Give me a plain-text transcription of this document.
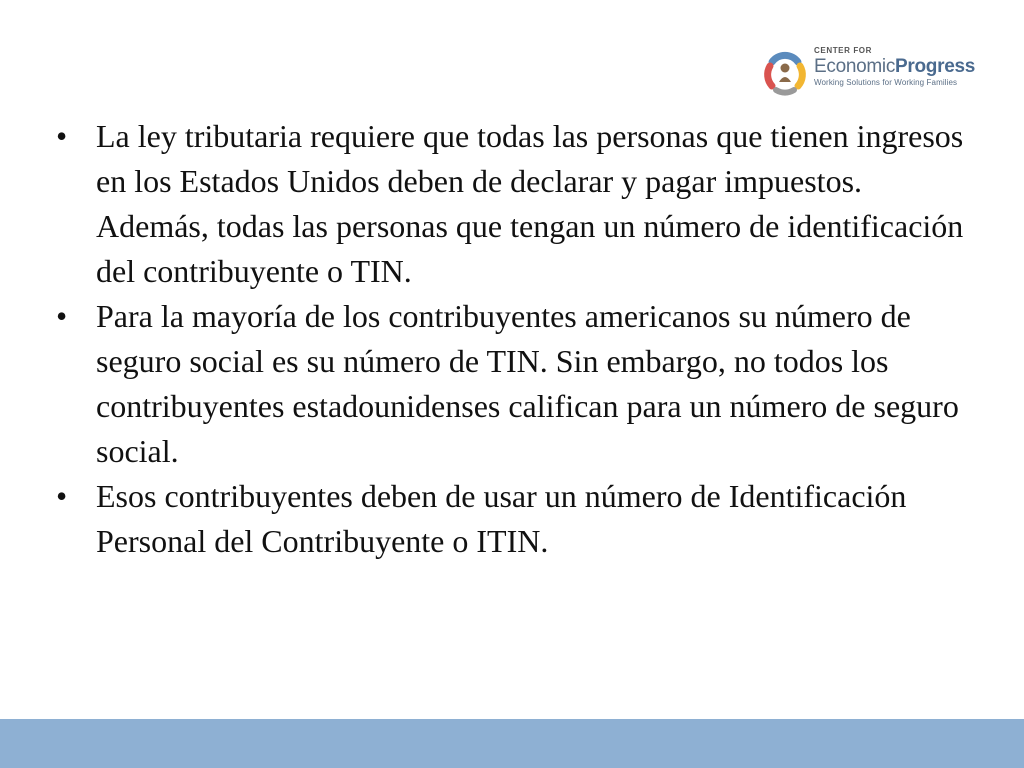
CENTER FOR
EconomicProgress
Working Solutions for Working Families
• La ley tributaria requiere que todas las personas que tienen ingresos en los Estados Unidos deben de declarar y pagar impuestos. Además, todas las personas que tengan un número de identificación del contribuyente o TIN.
• Para la mayoría de los contribuyentes americanos su número de seguro social es su número de TIN. Sin embargo, no todos los contribuyentes estadounidenses califican para un número de seguro social.
• Esos contribuyentes deben de usar un número de Identificación Personal del Contribuyente o ITIN.
